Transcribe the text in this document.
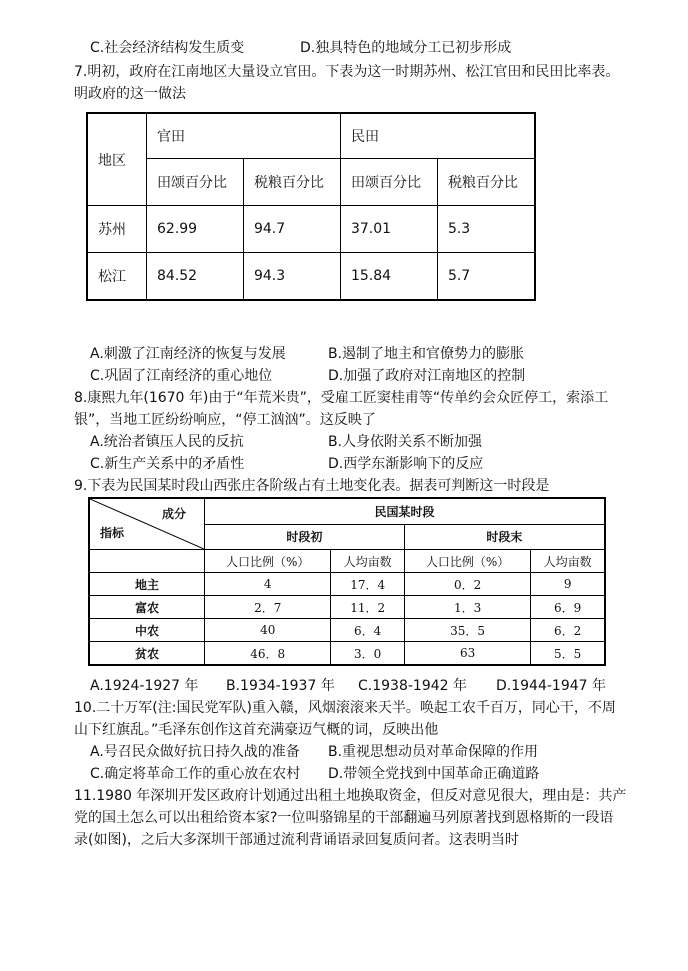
C.社会经济结构发生质变	D.独具特色的地域分工已初步形成
7.明初，政府在江南地区大量设立官田。下表为这一时期苏州、松江官田和民田比率表。
明政府的这一做法
地区	官田		民田	
	田颂百分比	税粮百分比	田颂百分比	税粮百分比
苏州	62.99	94.7	37.01	5.3
松江	84.52	94.3	15.84	5.7
A.刺激了江南经济的恢复与发展	B.遏制了地主和官僚势力的膨胀
C.巩固了江南经济的重心地位	D.加强了政府对江南地区的控制
8.康熙九年(1670 年)由于“年荒米贵”，受雇工匠窦桂甫等“传单约会众匠停工，索添工
银”，当地工匠纷纷响应，“停工汹汹”。这反映了
A.统治者镇压人民的反抗	B.人身依附关系不断加强
C.新生产关系中的矛盾性	D.西学东渐影响下的反应
9.下表为民国某时段山西张庄各阶级占有土地变化表。据表可判断这一时段是
成分
指标	民国某时段			
	时段初		时段末	
	人口比例（%）	人均亩数	人口比例（%）	人均亩数
地主	4	17．4	0．2	9
富农	2．7	11．2	1．3	6．9
中农	40	6．4	35．5	6．2
贫农	46．8	3．0	63	5．5
A.1924-1927 年 B.1934-1937 年 C.1938-1942 年 D.1944-1947 年
10.二十万军(注:国民党军队)重入赣，风烟滚滚来天半。唤起工农千百万，同心干，不周
山下红旗乱。”毛泽东创作这首充满豪迈气概的词，反映出他
A.号召民众做好抗日持久战的准备 B.重视思想动员对革命保障的作用
C.确定将革命工作的重心放在农村 D.带领全党找到中国革命正确道路
11.1980 年深圳开发区政府计划通过出租土地换取资金，但反对意见很大，理由是：共产
党的国土怎么可以出租给资本家?一位叫骆锦星的干部翻遍马列原著找到恩格斯的一段语
录(如图)，之后大多深圳干部通过流利背诵语录回复质问者。这表明当时
